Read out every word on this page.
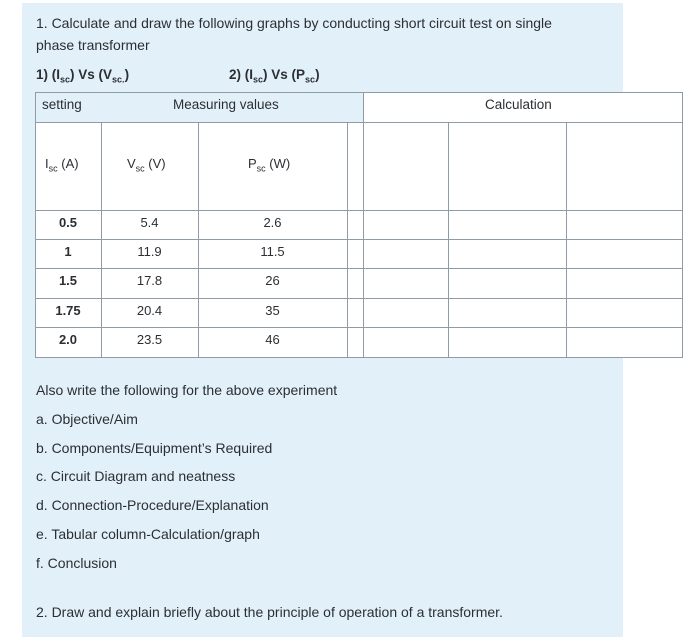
1. Calculate and draw the following graphs by conducting short circuit test on single
phase transformer
1) $(I_{sc})$ Vs $(V_{sc.})$	2) $(I_{sc})$ Vs $(P_{sc})$
setting	Measuring values	Calculation
$I_{sc}$ (A)	$V_{sc}$ (V)	$P_{sc}$ (W)
0.5	5.4	2.6
1	11.9	11.5
1.5	17.8	26
1.75	20.4	35
2.0	23.5	46
Also write the following for the above experiment
a. Objective/Aim
b. Components/Equipment’s Required
c. Circuit Diagram and neatness
d. Connection-Procedure/Explanation
e. Tabular column-Calculation/graph
f. Conclusion
2. Draw and explain briefly about the principle of operation of a transformer.
